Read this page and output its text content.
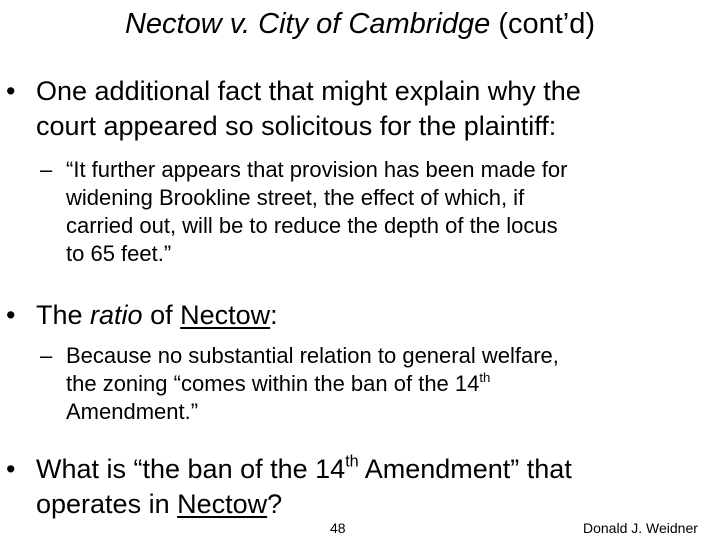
Nectow v. City of Cambridge (cont’d)
• One additional fact that might explain why the
court appeared so solicitous for the plaintiff:
– “It further appears that provision has been made for
widening Brookline street, the effect of which, if
carried out, will be to reduce the depth of the locus
to 65 feet.”
• The ratio of Nectow:
– Because no substantial relation to general welfare,
the zoning “comes within the ban of the 14th
Amendment.”
• What is “the ban of the 14th Amendment” that
operates in Nectow?
48	Donald J. Weidner
